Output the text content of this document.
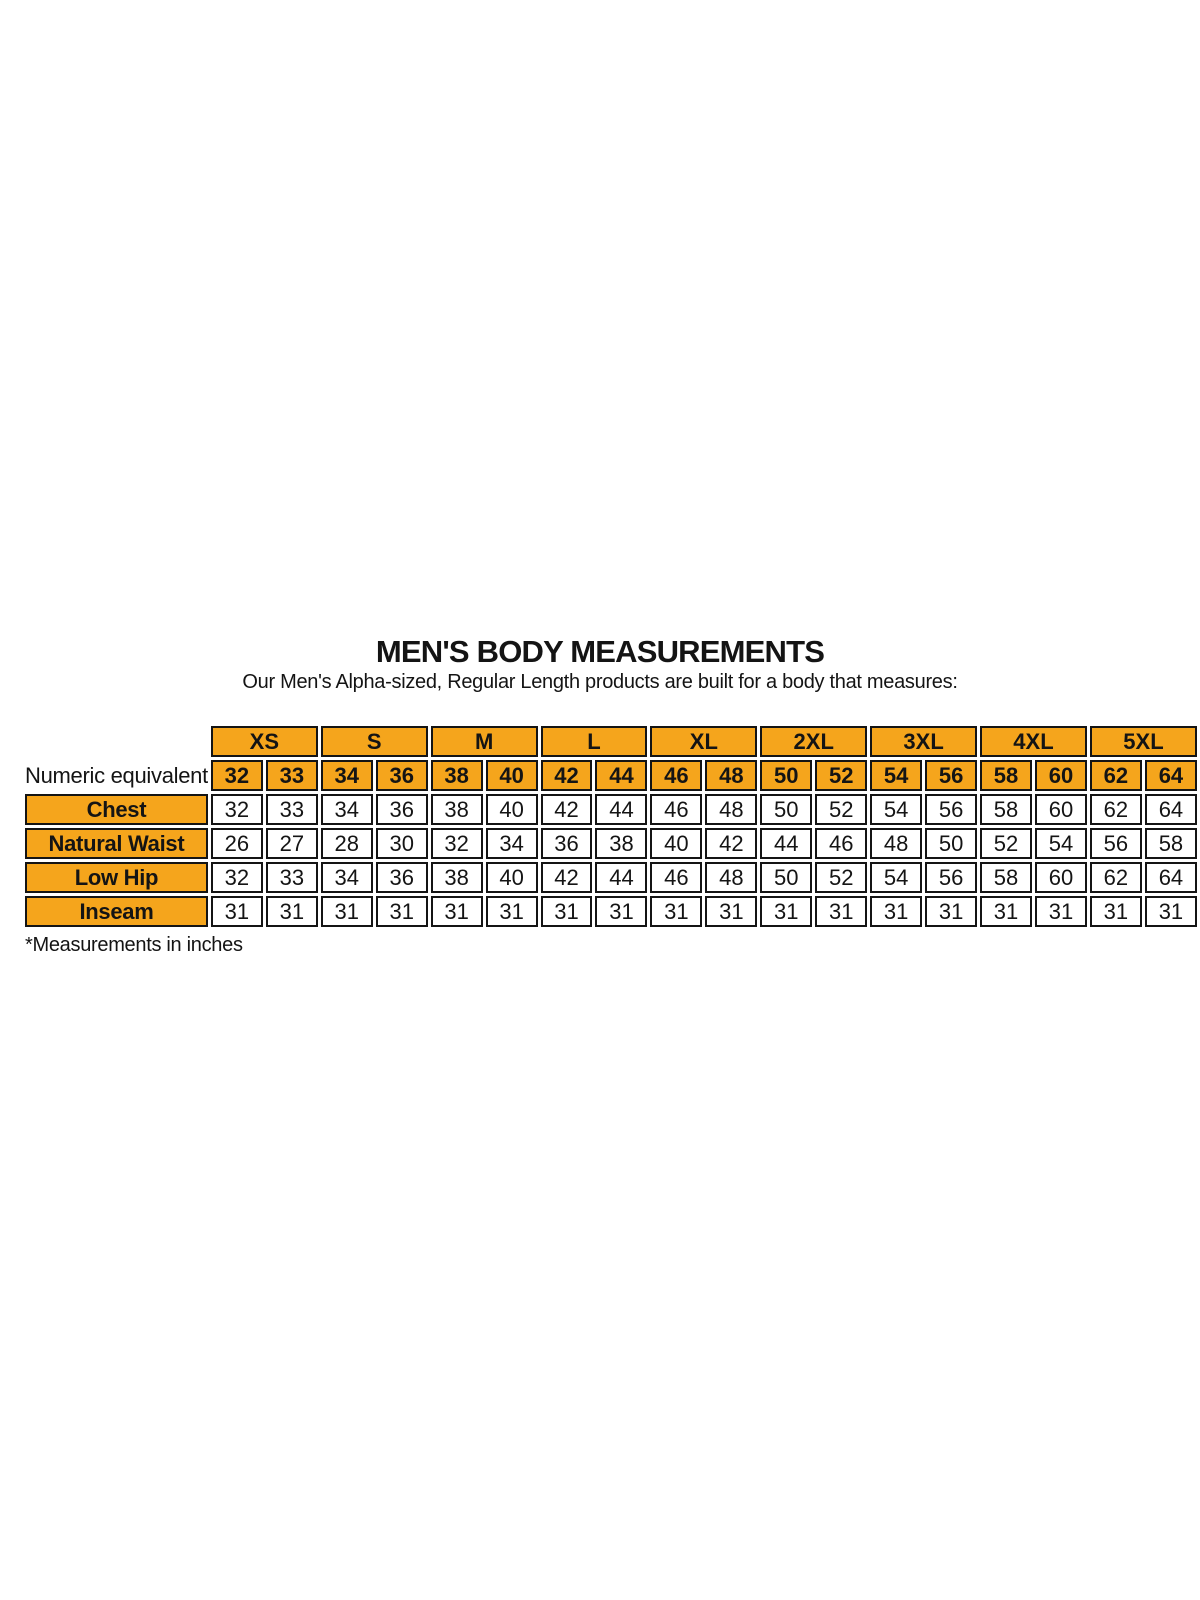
MEN'S BODY MEASUREMENTS
Our Men's Alpha-sized, Regular Length products are built for a body that measures:
	XS		S		M		L		XL		2XL		3XL		4XL		5XL	
Numeric equivalent	32	33	34	36	38	40	42	44	46	48	50	52	54	56	58	60	62	64
Chest	32	33	34	36	38	40	42	44	46	48	50	52	54	56	58	60	62	64
Natural Waist	26	27	28	30	32	34	36	38	40	42	44	46	48	50	52	54	56	58
Low Hip	32	33	34	36	38	40	42	44	46	48	50	52	54	56	58	60	62	64
Inseam	31	31	31	31	31	31	31	31	31	31	31	31	31	31	31	31	31	31
*Measurements in inches
